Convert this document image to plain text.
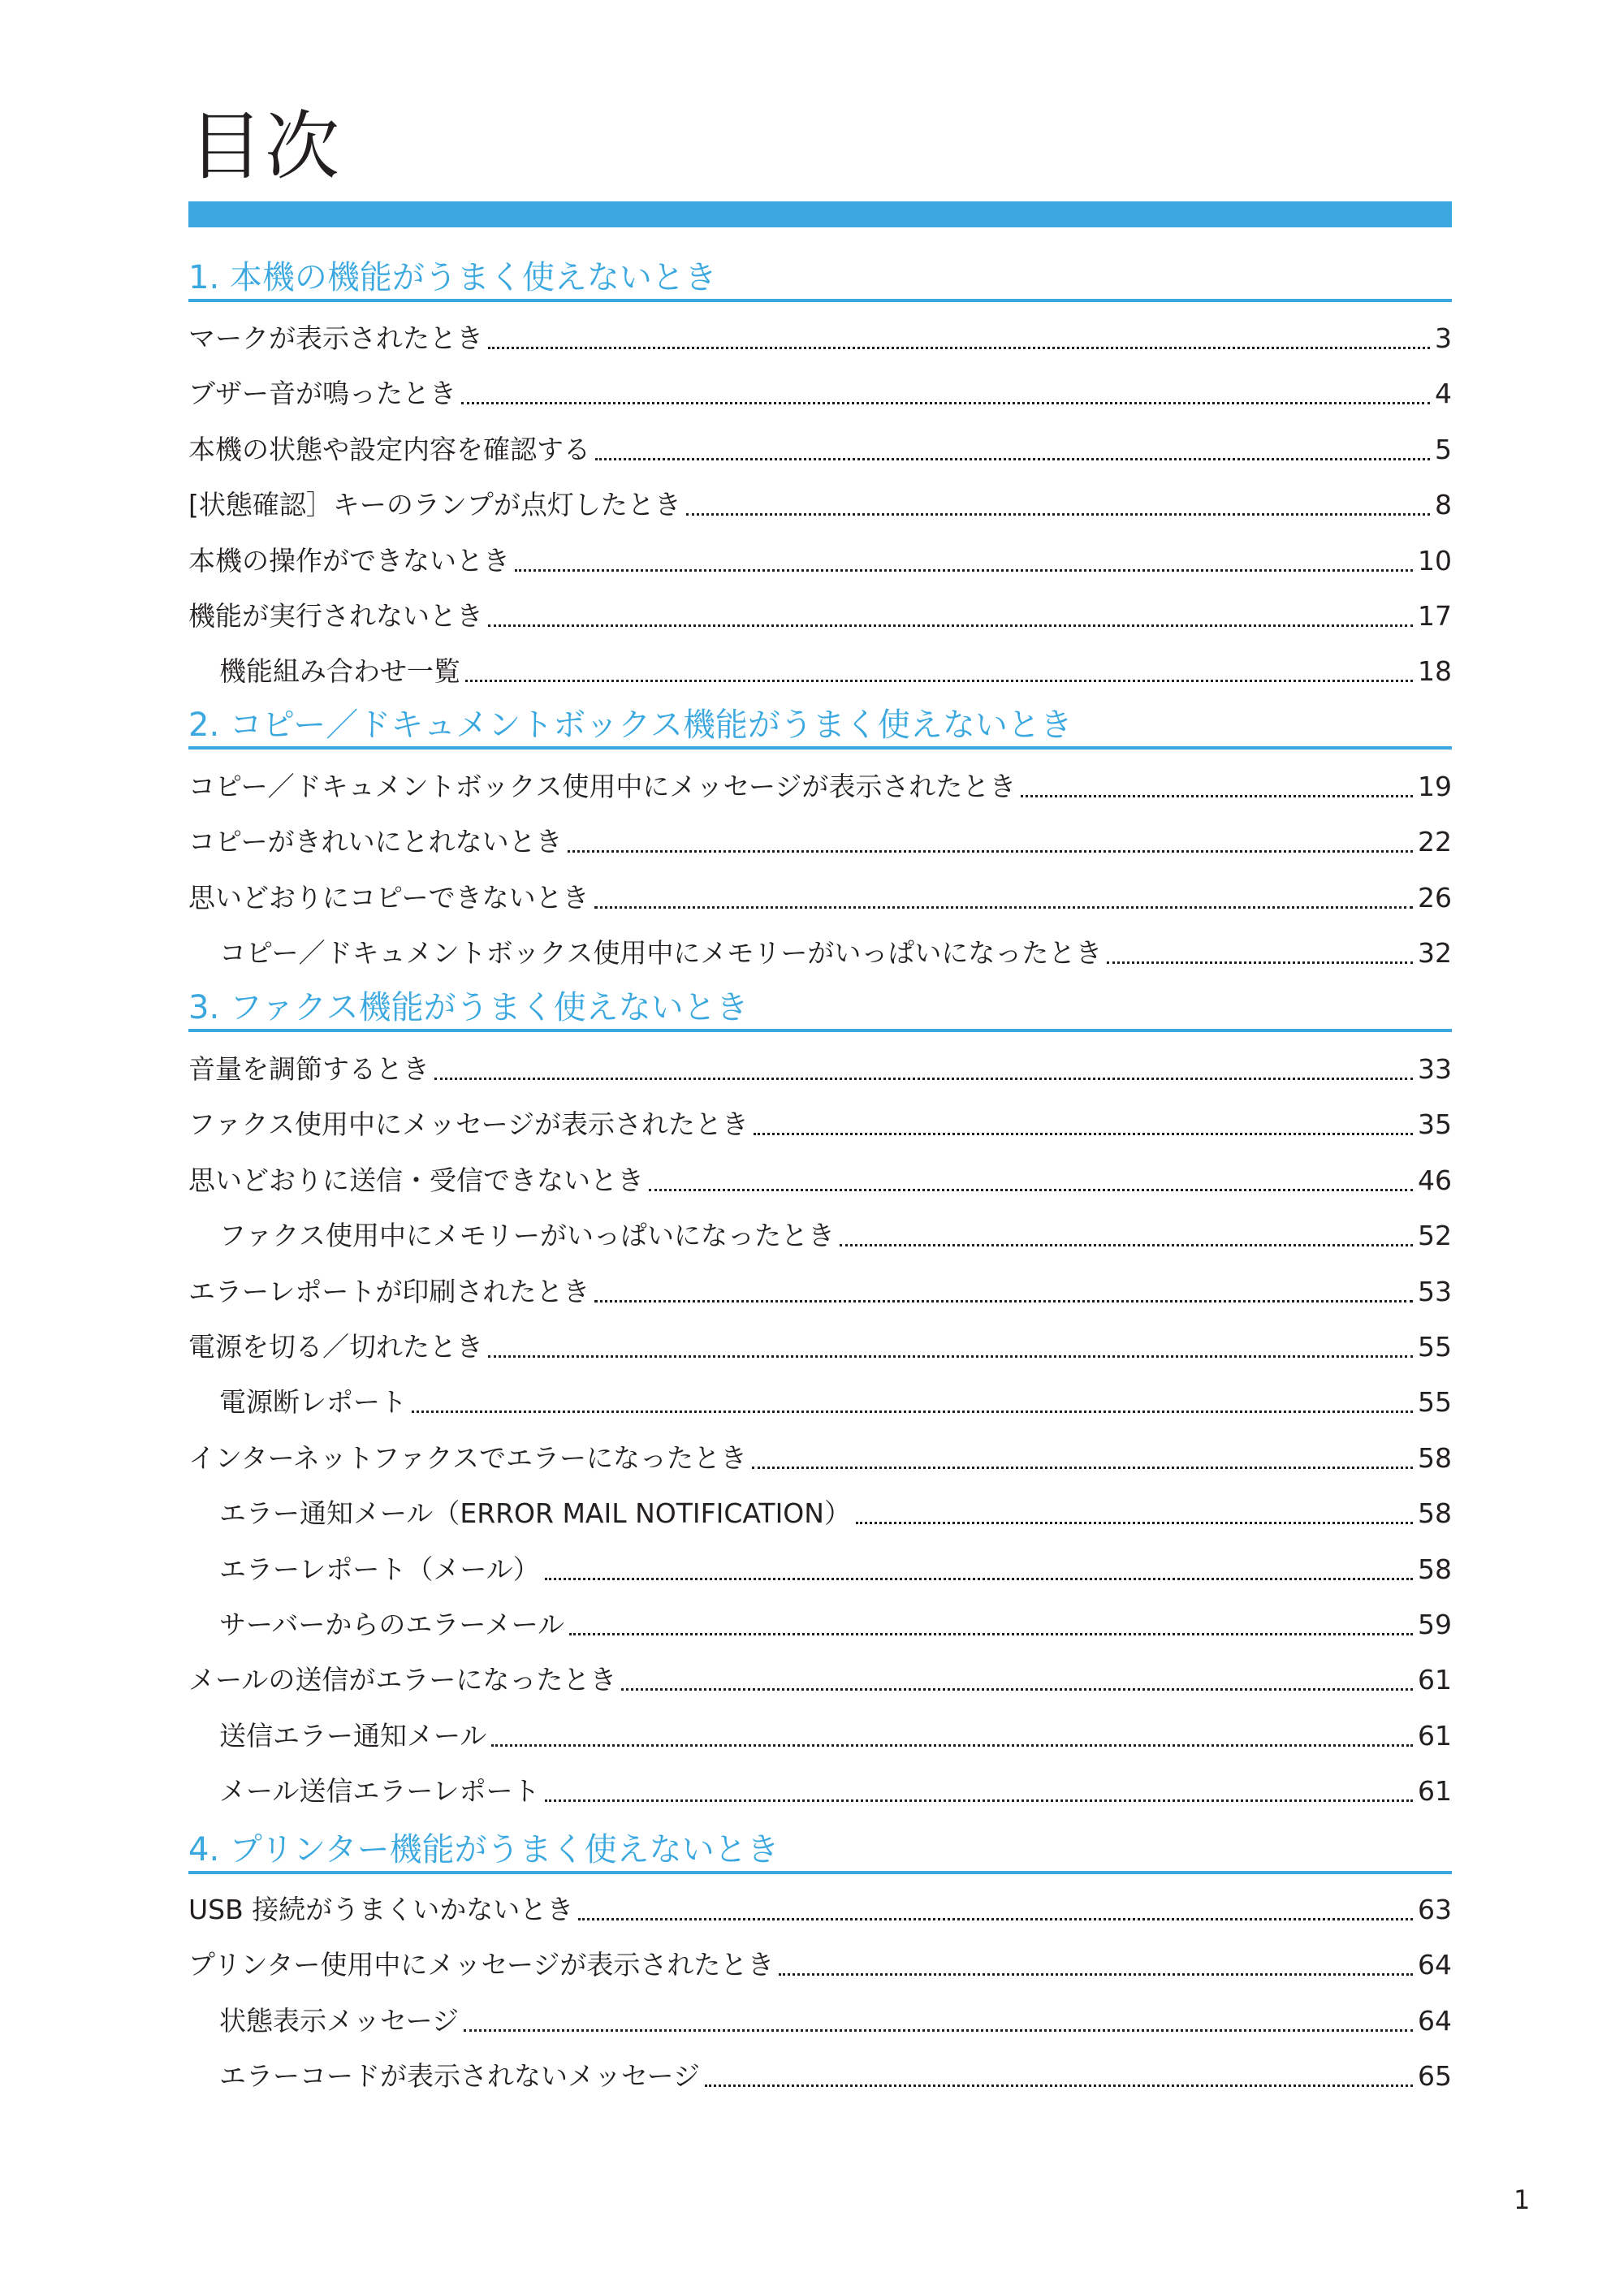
目次
1. 本機の機能がうまく使えないとき
マークが表示されたとき	3
ブザー音が鳴ったとき	4
本機の状態や設定内容を確認する	5
[状態確認］キーのランプが点灯したとき	8
本機の操作ができないとき	10
機能が実行されないとき	17
機能組み合わせ一覧	18
2. コピー／ドキュメントボックス機能がうまく使えないとき
コピー／ドキュメントボックス使用中にメッセージが表示されたとき	19
コピーがきれいにとれないとき	22
思いどおりにコピーできないとき	26
コピー／ドキュメントボックス使用中にメモリーがいっぱいになったとき	32
3. ファクス機能がうまく使えないとき
音量を調節するとき	33
ファクス使用中にメッセージが表示されたとき	35
思いどおりに送信・受信できないとき	46
ファクス使用中にメモリーがいっぱいになったとき	52
エラーレポートが印刷されたとき	53
電源を切る／切れたとき	55
電源断レポート	55
インターネットファクスでエラーになったとき	58
エラー通知メール（ERROR MAIL NOTIFICATION）	58
エラーレポート（メール）	58
サーバーからのエラーメール	59
メールの送信がエラーになったとき	61
送信エラー通知メール	61
メール送信エラーレポート	61
4. プリンター機能がうまく使えないとき
USB 接続がうまくいかないとき	63
プリンター使用中にメッセージが表示されたとき	64
状態表示メッセージ	64
エラーコードが表示されないメッセージ	65
1
